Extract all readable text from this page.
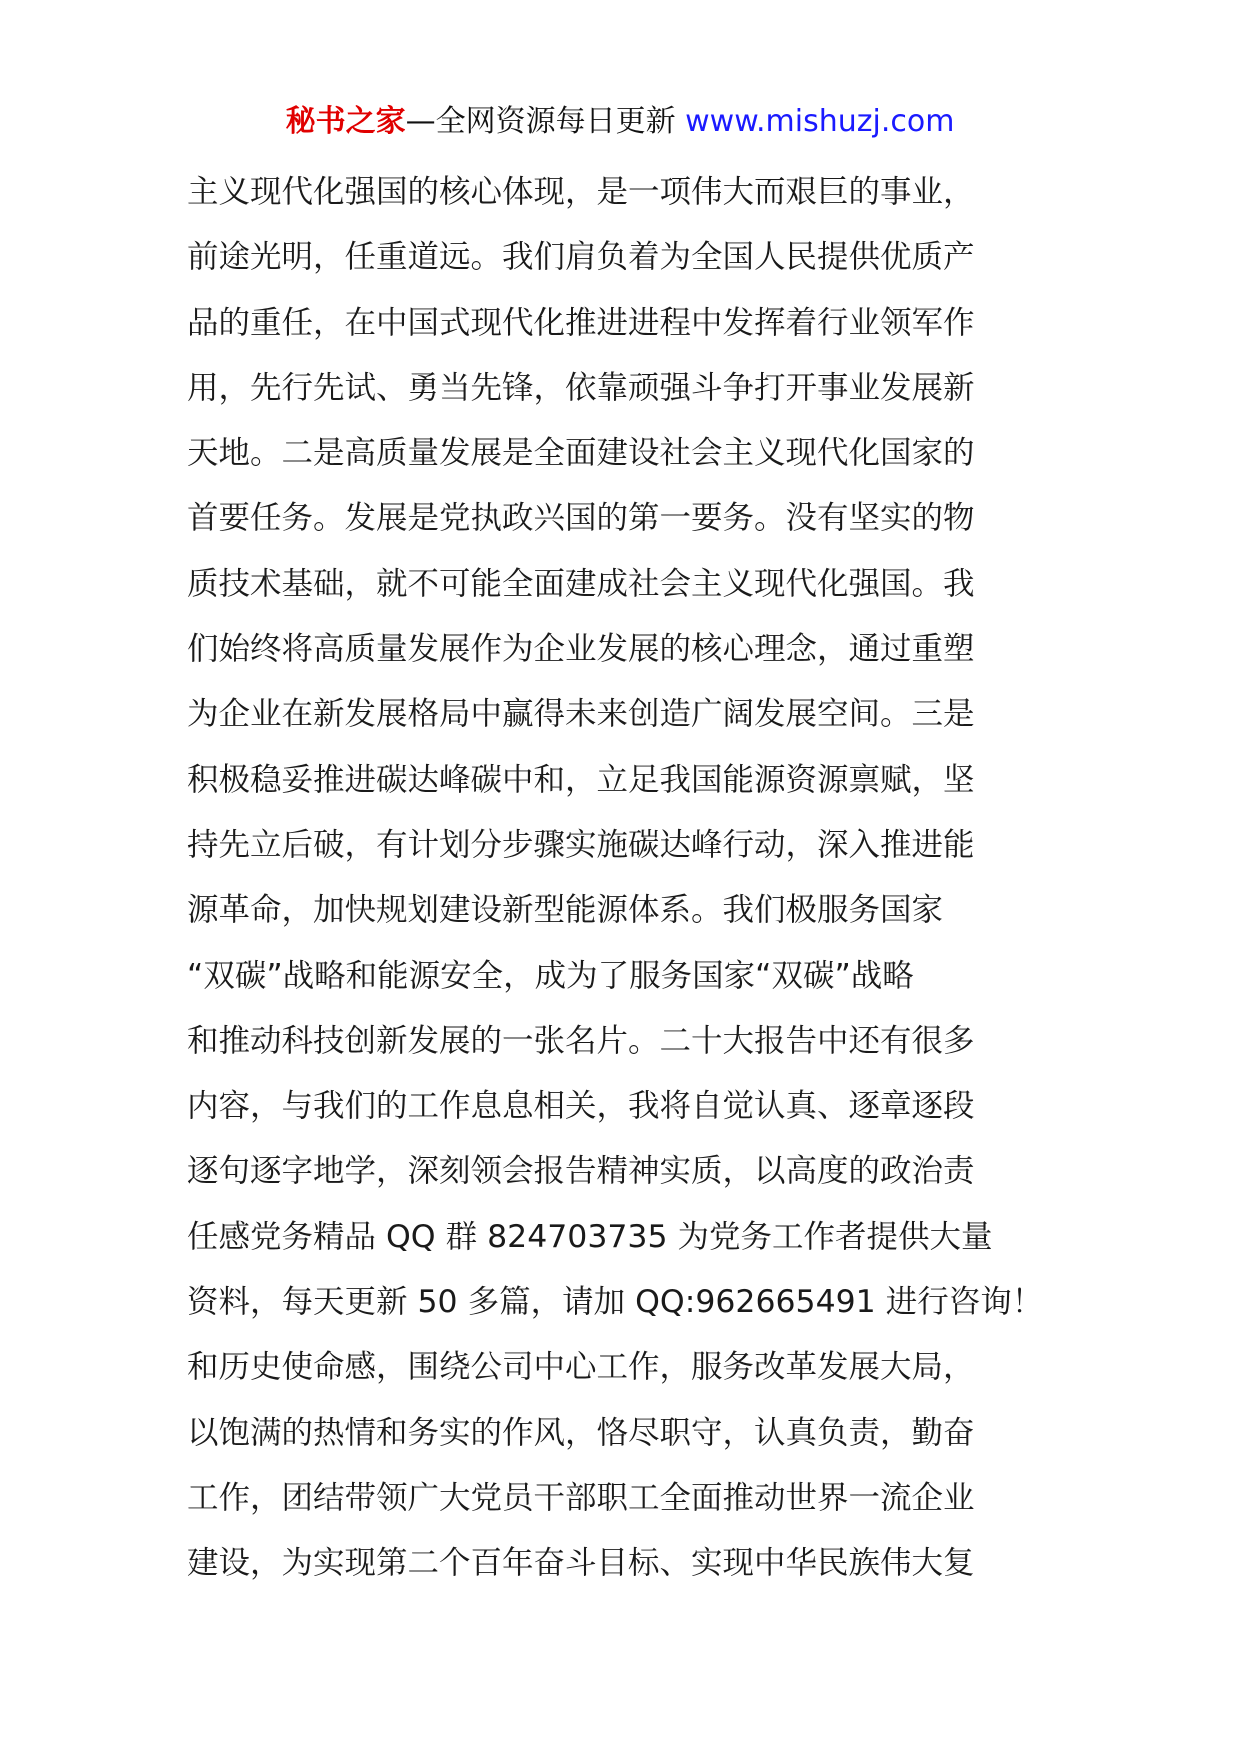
秘书之家—全网资源每日更新 www.mishuzj.com
主义现代化强国的核心体现，是一项伟大而艰巨的事业，
前途光明，任重道远。我们肩负着为全国人民提供优质产
品的重任，在中国式现代化推进进程中发挥着行业领军作
用，先行先试、勇当先锋，依靠顽强斗争打开事业发展新
天地。二是高质量发展是全面建设社会主义现代化国家的
首要任务。发展是党执政兴国的第一要务。没有坚实的物
质技术基础，就不可能全面建成社会主义现代化强国。我
们始终将高质量发展作为企业发展的核心理念，通过重塑
为企业在新发展格局中赢得未来创造广阔发展空间。三是
积极稳妥推进碳达峰碳中和，立足我国能源资源禀赋，坚
持先立后破，有计划分步骤实施碳达峰行动，深入推进能
源革命，加快规划建设新型能源体系。我们极服务国家
“双碳”战略和能源安全，成为了服务国家“双碳”战略
和推动科技创新发展的一张名片。二十大报告中还有很多
内容，与我们的工作息息相关，我将自觉认真、逐章逐段
逐句逐字地学，深刻领会报告精神实质，以高度的政治责
任感党务精品 QQ 群 824703735 为党务工作者提供大量
资料，每天更新 50 多篇，请加 QQ:962665491 进行咨询！
和历史使命感，围绕公司中心工作，服务改革发展大局，
以饱满的热情和务实的作风，恪尽职守，认真负责，勤奋
工作，团结带领广大党员干部职工全面推动世界一流企业
建设，为实现第二个百年奋斗目标、实现中华民族伟大复
